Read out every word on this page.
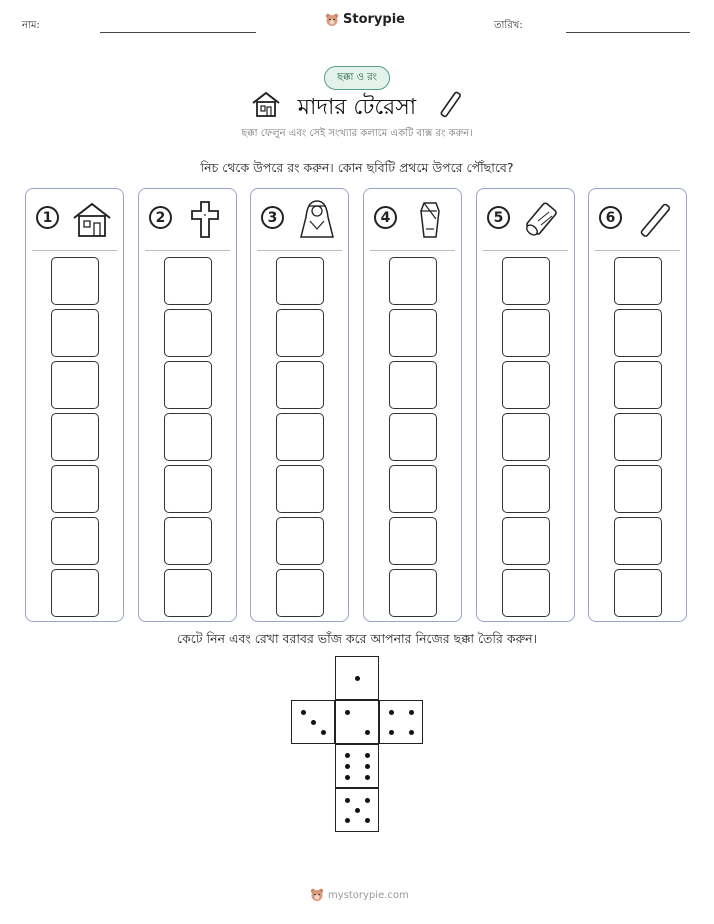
নাম:	Storypie	তারিখ:
ছক্কা ও রং
মাদার টেরেসা
ছক্কা ফেলুন এবং সেই সংখ্যার কলামে একটি বাক্স রং করুন।
নিচ থেকে উপরে রং করুন। কোন ছবিটি প্রথমে উপরে পৌঁছাবে?
1	2	3	4	5	6
কেটে নিন এবং রেখা বরাবর ভাঁজ করে আপনার নিজের ছক্কা তৈরি করুন।
mystorypie.com
